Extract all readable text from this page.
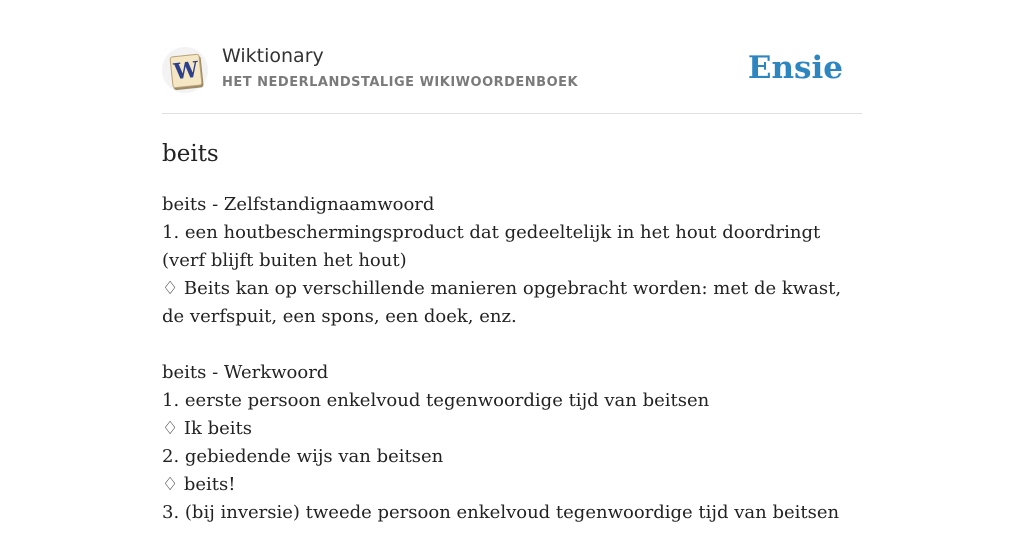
W
Wiktionary
HET NEDERLANDSTALIGE WIKIWOORDENBOEK	Ensie
beits
beits - Zelfstandignaamwoord
1. een houtbeschermingsproduct dat gedeeltelijk in het hout doordringt (verf blijft buiten het hout)
♢ Beits kan op verschillende manieren opgebracht worden: met de kwast, de verfspuit, een spons, een doek, enz.
beits - Werkwoord
1. eerste persoon enkelvoud tegenwoordige tijd van beitsen
♢ Ik beits
2. gebiedende wijs van beitsen
♢ beits!
3. (bij inversie) tweede persoon enkelvoud tegenwoordige tijd van beitsen
